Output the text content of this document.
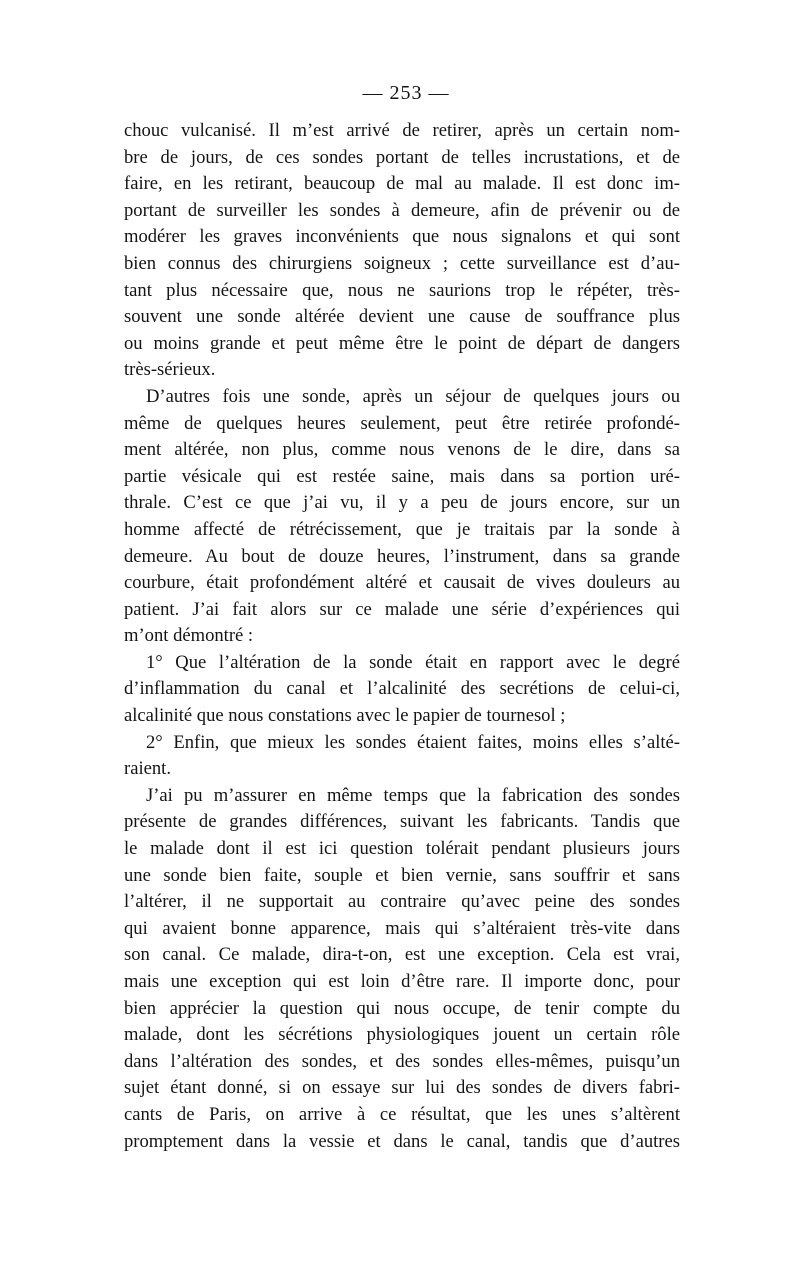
— 253 —
chouc vulcanisé. Il m’est arrivé de retirer, après un certain nom-
bre de jours, de ces sondes portant de telles incrustations, et de
faire, en les retirant, beaucoup de mal au malade. Il est donc im-
portant de surveiller les sondes à demeure, afin de prévenir ou de
modérer les graves inconvénients que nous signalons et qui sont
bien connus des chirurgiens soigneux ; cette surveillance est d’au-
tant plus nécessaire que, nous ne saurions trop le répéter, très-
souvent une sonde altérée devient une cause de souffrance plus
ou moins grande et peut même être le point de départ de dangers
très-sérieux.
D’autres fois une sonde, après un séjour de quelques jours ou
même de quelques heures seulement, peut être retirée profondé-
ment altérée, non plus, comme nous venons de le dire, dans sa
partie vésicale qui est restée saine, mais dans sa portion uré-
thrale. C’est ce que j’ai vu, il y a peu de jours encore, sur un
homme affecté de rétrécissement, que je traitais par la sonde à
demeure. Au bout de douze heures, l’instrument, dans sa grande
courbure, était profondément altéré et causait de vives douleurs au
patient. J’ai fait alors sur ce malade une série d’expériences qui
m’ont démontré :
1° Que l’altération de la sonde était en rapport avec le degré
d’inflammation du canal et l’alcalinité des secrétions de celui-ci,
alcalinité que nous constations avec le papier de tournesol ;
2° Enfin, que mieux les sondes étaient faites, moins elles s’alté-
raient.
J’ai pu m’assurer en même temps que la fabrication des sondes
présente de grandes différences, suivant les fabricants. Tandis que
le malade dont il est ici question tolérait pendant plusieurs jours
une sonde bien faite, souple et bien vernie, sans souffrir et sans
l’altérer, il ne supportait au contraire qu’avec peine des sondes
qui avaient bonne apparence, mais qui s’altéraient très-vite dans
son canal. Ce malade, dira-t-on, est une exception. Cela est vrai,
mais une exception qui est loin d’être rare. Il importe donc, pour
bien apprécier la question qui nous occupe, de tenir compte du
malade, dont les sécrétions physiologiques jouent un certain rôle
dans l’altération des sondes, et des sondes elles-mêmes, puisqu’un
sujet étant donné, si on essaye sur lui des sondes de divers fabri-
cants de Paris, on arrive à ce résultat, que les unes s’altèrent
promptement dans la vessie et dans le canal, tandis que d’autres
